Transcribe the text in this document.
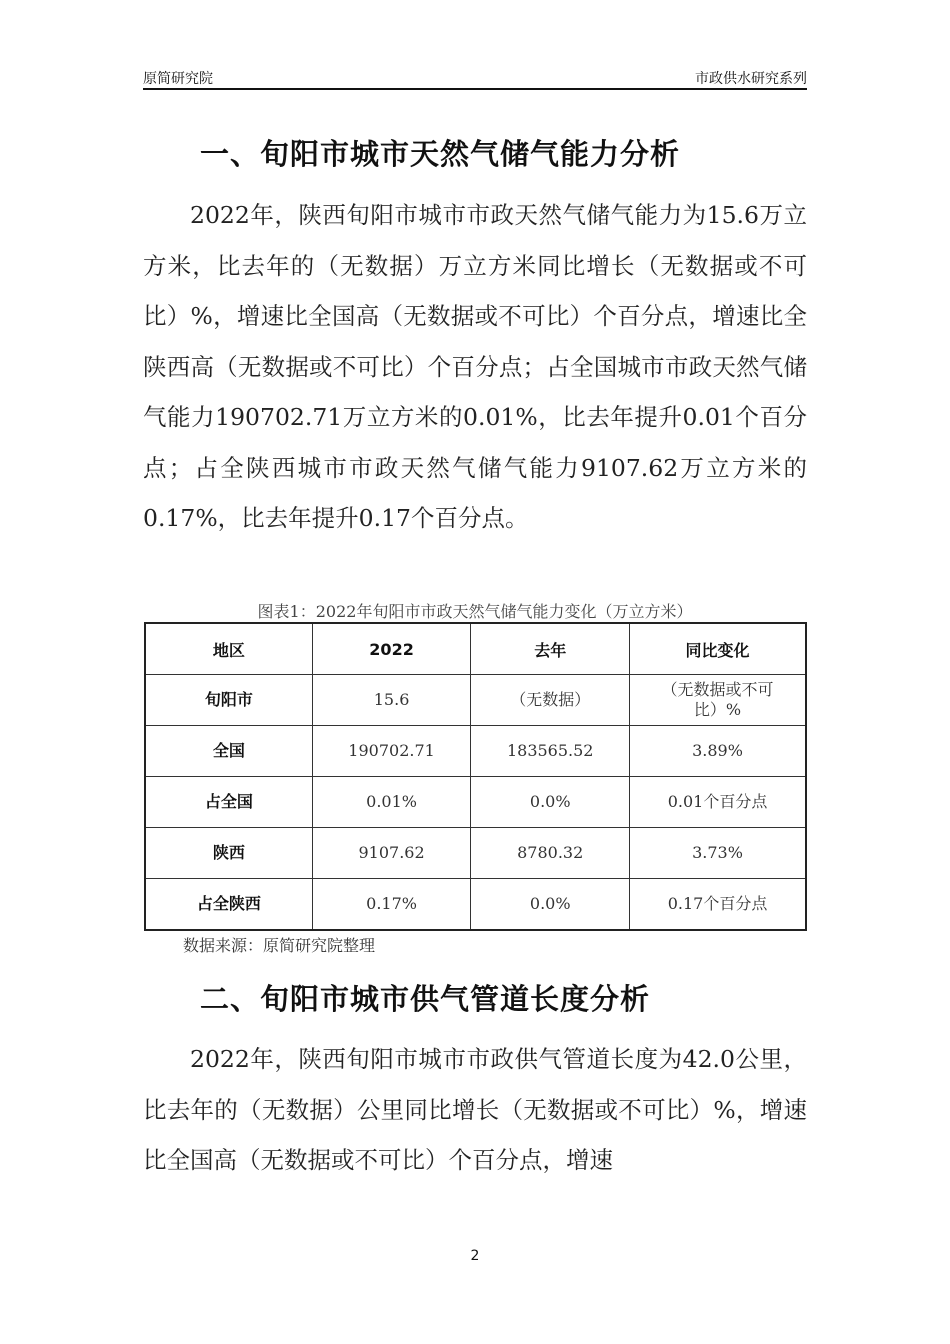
原简研究院	市政供水研究系列
一、旬阳市城市天然气储气能力分析

2022年，陕西旬阳市城市市政天然气储气能力为15.6万立方米，比去年的（无数据）万立方米同比增长（无数据或不可比）%，增速比全国高（无数据或不可比）个百分点，增速比全陕西高（无数据或不可比）个百分点；占全国城市市政天然气储气能力190702.71万立方米的0.01%，比去年提升0.01个百分点；占全陕西城市市政天然气储气能力9107.62万立方米的0.17%，比去年提升0.17个百分点。

图表1：2022年旬阳市市政天然气储气能力变化（万立方米）
地区	2022	去年	同比变化
旬阳市	15.6	（无数据）	（无数据或不可比）%
全国	190702.71	183565.52	3.89%
占全国	0.01%	0.0%	0.01个百分点
陕西	9107.62	8780.32	3.73%
占全陕西	0.17%	0.0%	0.17个百分点
数据来源：原简研究院整理
二、旬阳市城市供气管道长度分析

2022年，陕西旬阳市城市市政供气管道长度为42.0公里，比去年的（无数据）公里同比增长（无数据或不可比）%，增速比全国高（无数据或不可比）个百分点，增速

2
